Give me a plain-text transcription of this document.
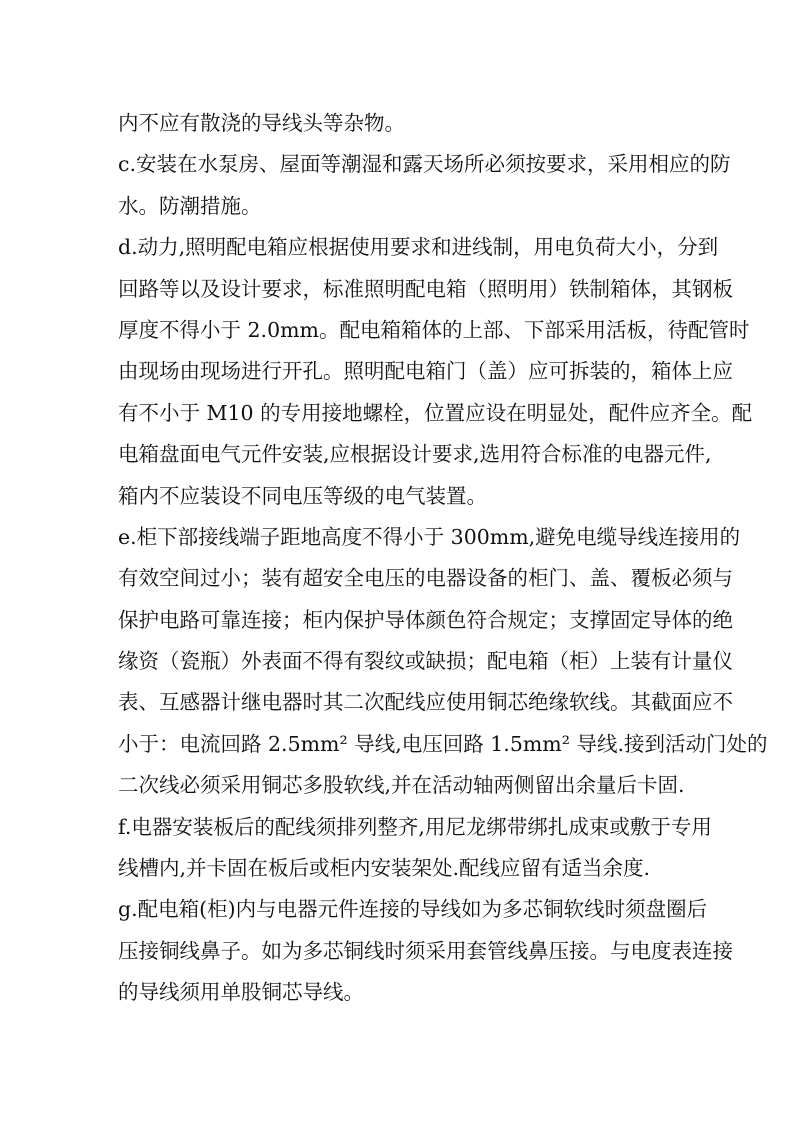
内不应有散浇的导线头等杂物。
c.安装在水泵房、屋面等潮湿和露天场所必须按要求，采用相应的防
水。防潮措施。
d.动力,照明配电箱应根据使用要求和进线制，用电负荷大小，分到
回路等以及设计要求，标准照明配电箱（照明用）铁制箱体，其钢板
厚度不得小于 2.0mm。配电箱箱体的上部、下部采用活板，待配管时
由现场由现场进行开孔。照明配电箱门（盖）应可拆装的，箱体上应
有不小于 M10 的专用接地螺栓，位置应设在明显处，配件应齐全。配
电箱盘面电气元件安装,应根据设计要求,选用符合标准的电器元件,
箱内不应装设不同电压等级的电气装置。
e.柜下部接线端子距地高度不得小于 300mm,避免电缆导线连接用的
有效空间过小；装有超安全电压的电器设备的柜门、盖、覆板必须与
保护电路可靠连接；柜内保护导体颜色符合规定；支撑固定导体的绝
缘资（瓷瓶）外表面不得有裂纹或缺损；配电箱（柜）上装有计量仪
表、互感器计继电器时其二次配线应使用铜芯绝缘软线。其截面应不
小于：电流回路 2.5mm² 导线,电压回路 1.5mm² 导线.接到活动门处的
二次线必须采用铜芯多股软线,并在活动轴两侧留出余量后卡固.
f.电器安装板后的配线须排列整齐,用尼龙绑带绑扎成束或敷于专用
线槽内,并卡固在板后或柜内安装架处.配线应留有适当余度.
g.配电箱(柜)内与电器元件连接的导线如为多芯铜软线时须盘圈后
压接铜线鼻子。如为多芯铜线时须采用套管线鼻压接。与电度表连接
的导线须用单股铜芯导线。
